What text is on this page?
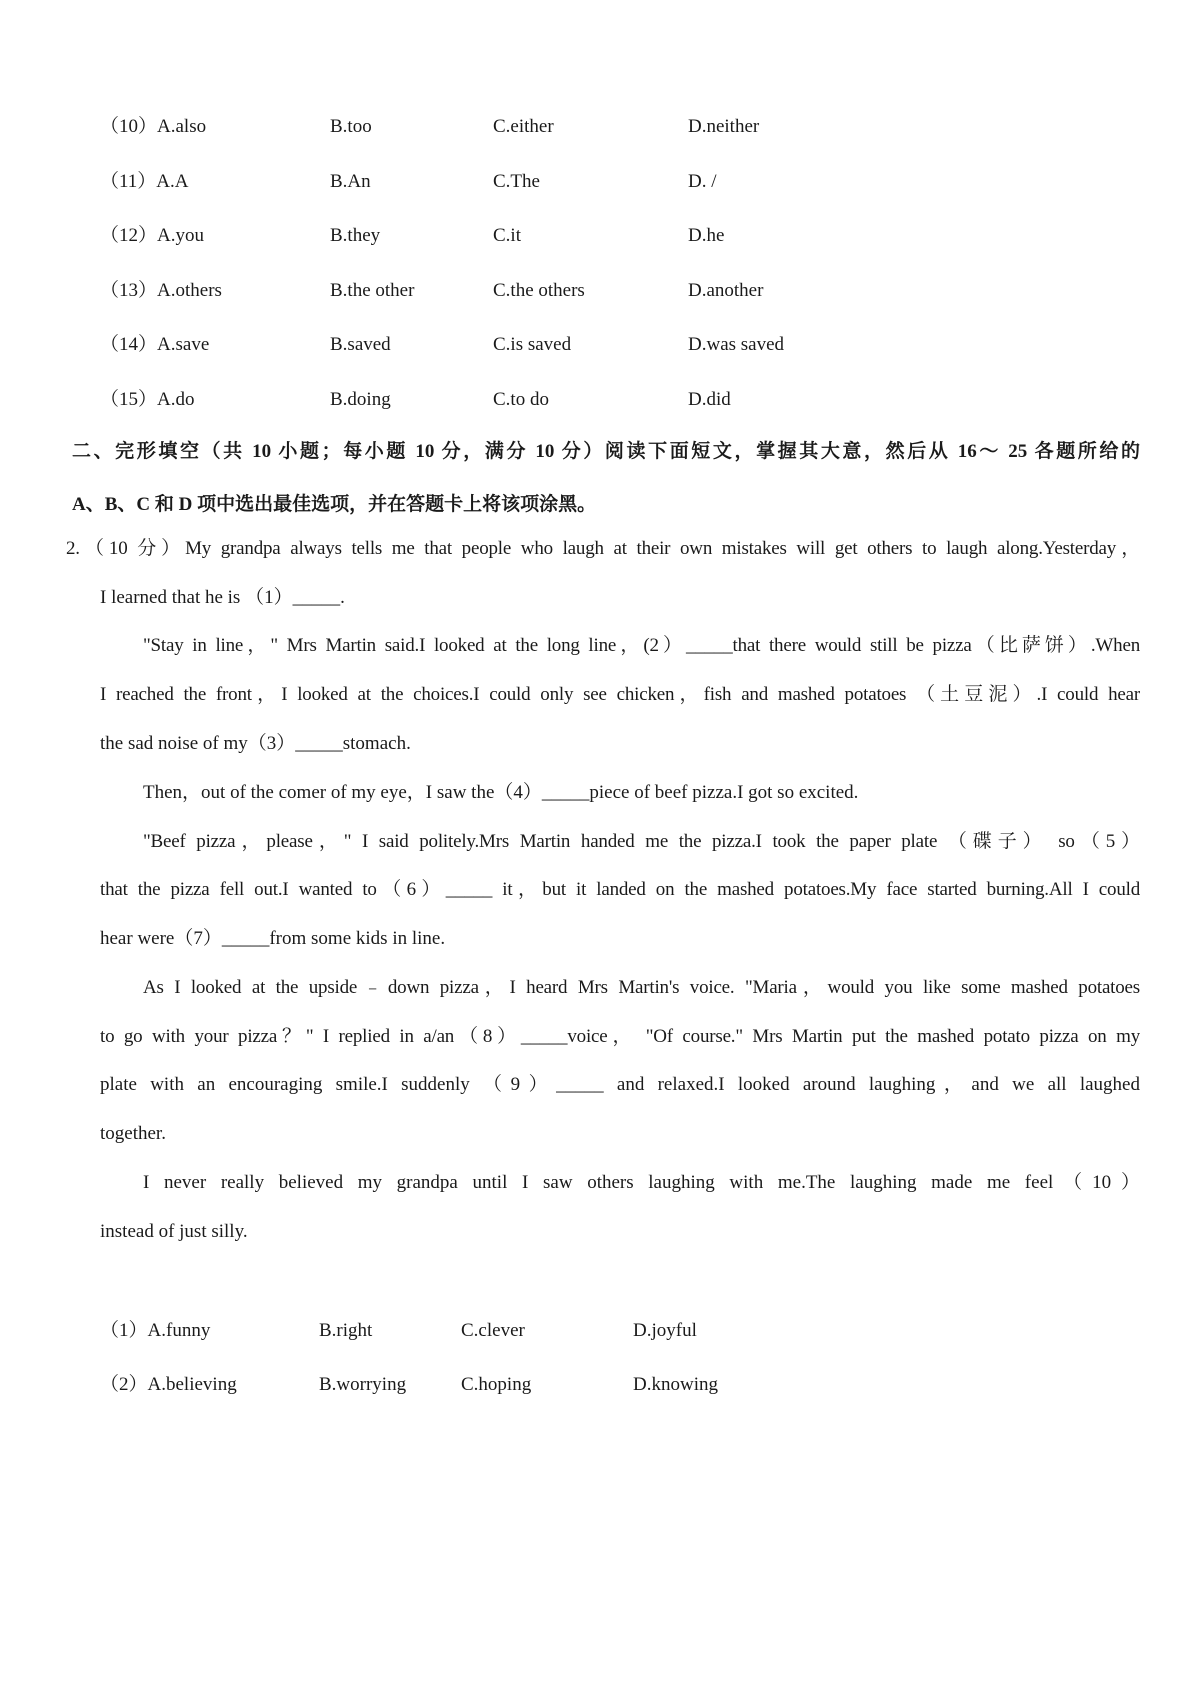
（10）A.also	B.too	C.either	D.neither
（11）A.A	B.An	C.The	D. /
（12）A.you	B.they	C.it	D.he
（13）A.others	B.the other	C.the others	D.another
（14）A.save	B.saved	C.is saved	D.was saved
（15）A.do	B.doing	C.to do	D.did
二、完形填空（共 10 小题；每小题 10 分，满分 10 分）阅读下面短文，掌握其大意，然后从 16～ 25 各题所给的
A、B、C 和 D 项中选出最佳选项，并在答题卡上将该项涂黑。
2.（10 分）My grandpa always tells me that people who laugh at their own mistakes will get others to laugh along.Yesterday，
I learned that he is （1）_____.
"Stay in line，" Mrs Martin said.I looked at the long line，(2）_____that there would still be pizza（比萨饼）.When
I reached the front，I looked at the choices.I could only see chicken，fish and mashed potatoes （土豆泥）.I could hear
the sad noise of my（3）_____stomach.
Then，out of the comer of my eye，I saw the（4）_____piece of beef pizza.I got so excited.
"Beef pizza，please，" I said politely.Mrs Martin handed me the pizza.I took the paper plate （碟子） so（5）
that the pizza fell out.I wanted to（6）_____ it，but it landed on the mashed potatoes.My face started burning.All I could
hear were（7）_____from some kids in line.
As I looked at the upside﹣down pizza，I heard Mrs Martin's voice. "Maria，would you like some mashed potatoes
to go with your pizza？" I replied in a/an（8）_____voice， "Of course." Mrs Martin put the mashed potato pizza on my
plate with an encouraging smile.I suddenly （9）_____ and relaxed.I looked around laughing，and we all laughed
together.
I never really believed my grandpa until I saw others laughing with me.The laughing made me feel（10）
instead of just silly.
（1）A.funny	B.right	C.clever	D.joyful
（2）A.believing	B.worrying	C.hoping	D.knowing
